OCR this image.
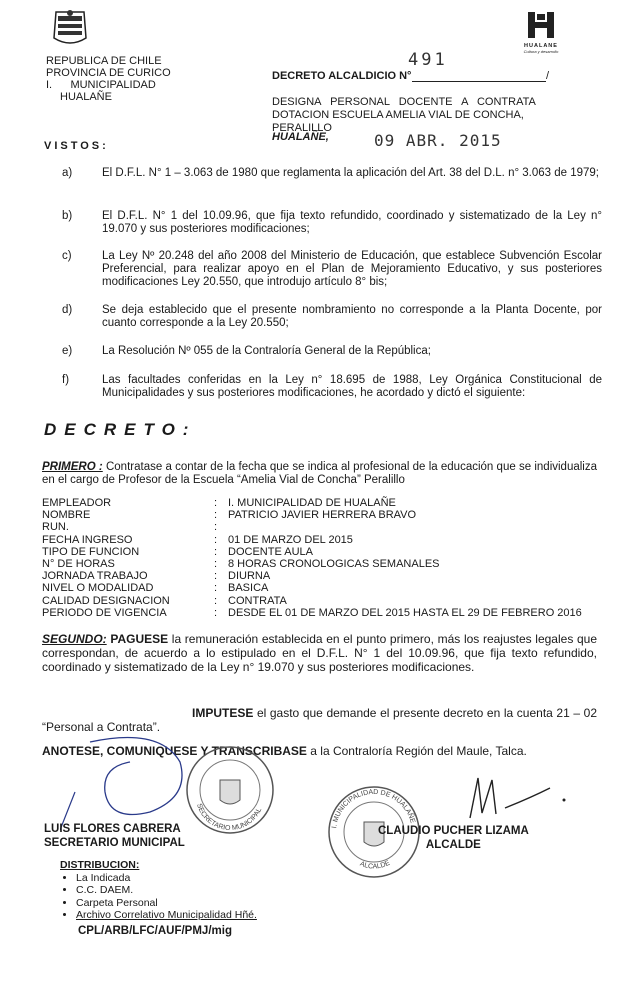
REPUBLICA DE CHILE
PROVINCIA DE CURICO
I.      MUNICIPALIDAD
HUALAÑE
HUALANE
Cultura y desarrollo
491
DECRETO ALCALDICIO N°	/
DESIGNA   PERSONAL   DOCENTE   A   CONTRATA
DOTACION ESCUELA AMELIA VIAL DE CONCHA, PERALILLO
HUALAÑE,	09 ABR. 2015
VISTOS:
a)	El D.F.L. N° 1 – 3.063 de 1980 que reglamenta la aplicación del Art. 38 del D.L. n° 3.063 de 1979;
b)	El D.F.L. N° 1 del 10.09.96, que fija texto refundido, coordinado y sistematizado de la Ley n° 19.070 y sus posteriores modificaciones;
c)	La Ley Nº 20.248 del año 2008 del Ministerio de Educación, que establece Subvención Escolar Preferencial, para realizar apoyo en el Plan de Mejoramiento Educativo, y sus posteriores modificaciones Ley 20.550, que introdujo artículo 8° bis;
d)	Se deja establecido que el presente nombramiento no corresponde a la Planta Docente, por cuanto corresponde a la Ley 20.550;
e)	La Resolución Nº 055 de la Contraloría General de la República;
f)	Las facultades conferidas en la Ley n° 18.695 de 1988, Ley Orgánica Constitucional de Municipalidades y sus posteriores modificaciones, he acordado y dictó el siguiente:
DECRETO:
PRIMERO : Contratase a contar de la fecha que se indica al profesional de la educación que se individualiza en el cargo de Profesor de la Escuela “Amelia Vial de Concha” Peralillo
EMPLEADOR	: I. MUNICIPALIDAD DE HUALAÑE
NOMBRE	: PATRICIO JAVIER HERRERA BRAVO
RUN.	:
FECHA INGRESO	: 01 DE MARZO DEL 2015
TIPO DE FUNCION	: DOCENTE AULA
N° DE HORAS	: 8 HORAS CRONOLOGICAS SEMANALES
JORNADA TRABAJO	: DIURNA
NIVEL O MODALIDAD	: BASICA
CALIDAD DESIGNACION	: CONTRATA
PERIODO DE VIGENCIA	: DESDE EL 01 DE MARZO DEL 2015 HASTA EL 29 DE FEBRERO 2016
SEGUNDO: PAGUESE la remuneración establecida en el punto primero, más los reajustes legales que correspondan, de acuerdo a lo estipulado en el D.F.L. N° 1 del 10.09.96, que fija texto refundido, coordinado y sistematizado de la Ley n° 19.070 y sus posteriores modificaciones.
IMPUTESE el gasto que demande el presente decreto en la cuenta 21 – 02 “Personal a Contrata”.
ANOTESE, COMUNIQUESE Y TRANSCRIBASE a la Contraloría Región del Maule, Talca.
SECRETARIO MUNICIPAL
I. MUNICIPALIDAD DE HUALAÑE
ALCALDE
LUIS FLORES CABRERA
SECRETARIO MUNICIPAL
CLAUDIO PUCHER LIZAMA
ALCALDE
DISTRIBUCION:
• La Indicada
• C.C. DAEM.
• Carpeta Personal
• Archivo Correlativo Municipalidad Hñé.
CPL/ARB/LFC/AUF/PMJ/mig
